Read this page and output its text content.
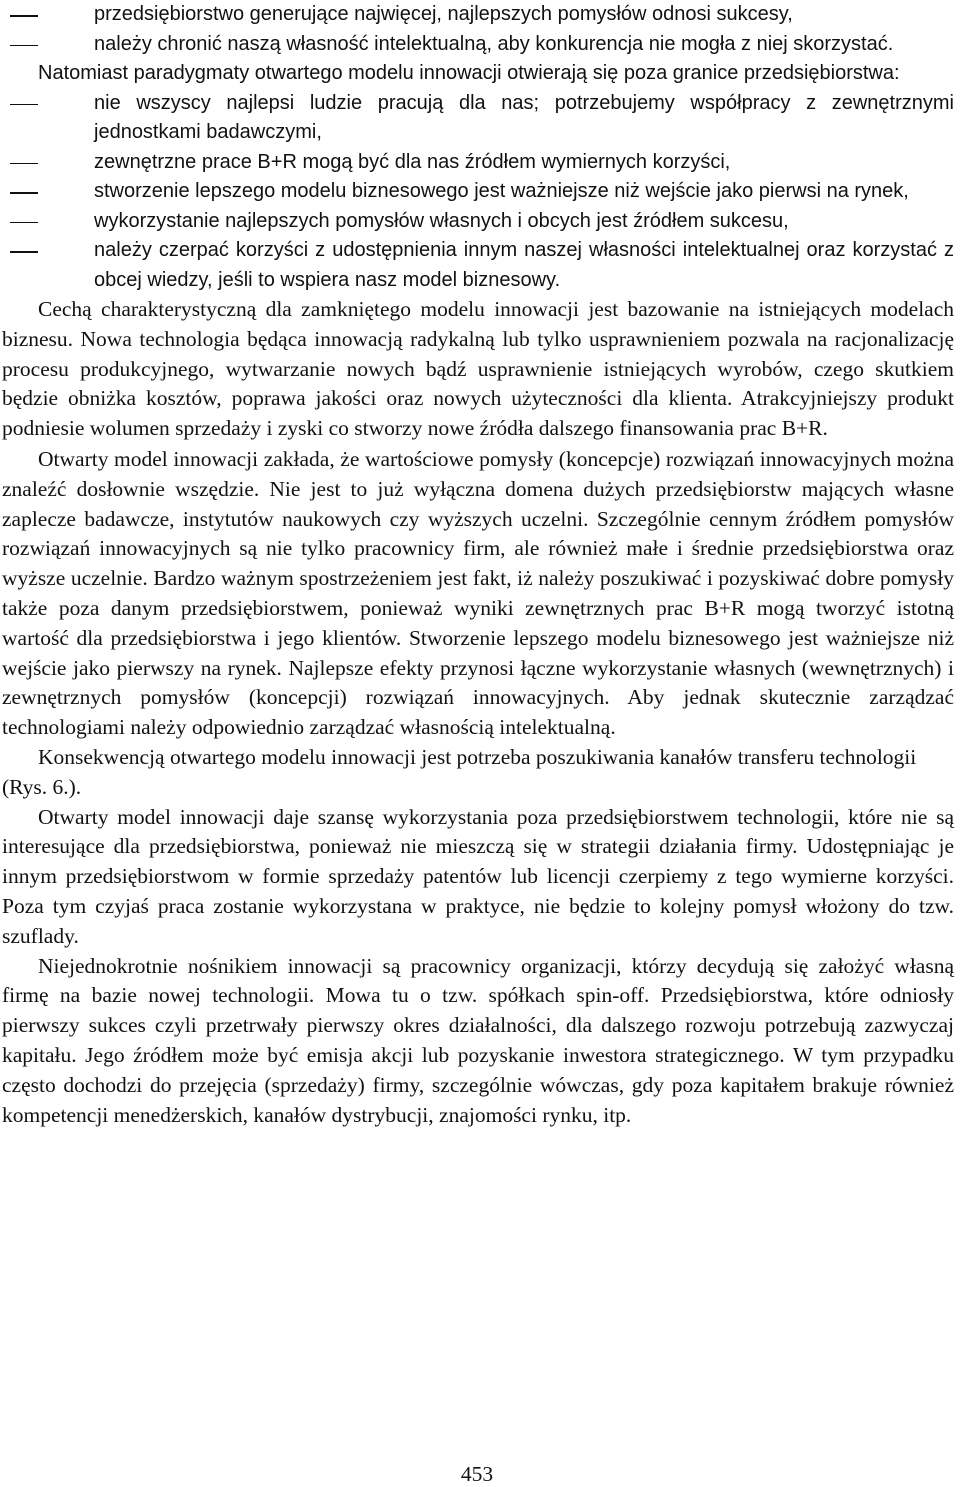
przedsiębiorstwo generujące najwięcej, najlepszych pomysłów odnosi sukcesy,
należy chronić naszą własność intelektualną, aby konkurencja nie mogła z niej skorzystać.

Natomiast paradygmaty otwartego modelu innowacji otwierają się poza granice przedsiębiorstwa:

nie wszyscy najlepsi ludzie pracują dla nas; potrzebujemy współpracy z zewnętrznymi jednostkami badawczymi,
zewnętrzne prace B+R mogą być dla nas źródłem wymiernych korzyści,
stworzenie lepszego modelu biznesowego jest ważniejsze niż wejście jako pierwsi na rynek,
wykorzystanie najlepszych pomysłów własnych i obcych jest źródłem sukcesu,
należy czerpać korzyści z udostępnienia innym naszej własności intelektualnej oraz korzystać z obcej wiedzy, jeśli to wspiera nasz model biznesowy.

Cechą charakterystyczną dla zamkniętego modelu innowacji jest bazowanie na istniejących modelach biznesu. Nowa technologia będąca innowacją radykalną lub tylko usprawnieniem pozwala na racjonalizację procesu produkcyjnego, wytwarzanie nowych bądź usprawnienie istniejących wyrobów, czego skutkiem będzie obniżka kosztów, poprawa jakości oraz nowych użyteczności dla klienta. Atrakcyjniejszy produkt podniesie wolumen sprzedaży i zyski co stworzy nowe źródła dalszego finansowania prac B+R.

Otwarty model innowacji zakłada, że wartościowe pomysły (koncepcje) rozwiązań innowacyjnych można znaleźć dosłownie wszędzie. Nie jest to już wyłączna domena dużych przedsiębiorstw mających własne zaplecze badawcze, instytutów naukowych czy wyższych uczelni. Szczególnie cennym źródłem pomysłów rozwiązań innowacyjnych są nie tylko pracownicy firm, ale również małe i średnie przedsiębiorstwa oraz wyższe uczelnie. Bardzo ważnym spostrzeżeniem jest fakt, iż należy poszukiwać i pozyskiwać dobre pomysły także poza danym przedsiębiorstwem, ponieważ wyniki zewnętrznych prac B+R mogą tworzyć istotną wartość dla przedsiębiorstwa i jego klientów. Stworzenie lepszego modelu biznesowego jest ważniejsze niż wejście jako pierwszy na rynek. Najlepsze efekty przynosi łączne wykorzystanie własnych (wewnętrznych) i zewnętrznych pomysłów (koncepcji) rozwiązań innowacyjnych. Aby jednak skutecznie zarządzać technologiami należy odpowiednio zarządzać własnością intelektualną.

Konsekwencją otwartego modelu innowacji jest potrzeba poszukiwania kanałów transferu technologii (Rys. 6.).

Otwarty model innowacji daje szansę wykorzystania poza przedsiębiorstwem technologii, które nie są interesujące dla przedsiębiorstwa, ponieważ nie mieszczą się w strategii działania firmy. Udostępniając je innym przedsiębiorstwom w formie sprzedaży patentów lub licencji czerpiemy z tego wymierne korzyści. Poza tym czyjaś praca zostanie wykorzystana w praktyce, nie będzie to kolejny pomysł włożony do tzw. szuflady.

Niejednokrotnie nośnikiem innowacji są pracownicy organizacji, którzy decydują się założyć własną firmę na bazie nowej technologii. Mowa tu o tzw. spółkach spin-off. Przedsiębiorstwa, które odniosły pierwszy sukces czyli przetrwały pierwszy okres działalności, dla dalszego rozwoju potrzebują zazwyczaj kapitału. Jego źródłem może być emisja akcji lub pozyskanie inwestora strategicznego. W tym przypadku często dochodzi do przejęcia (sprzedaży) firmy, szczególnie wówczas, gdy poza kapitałem brakuje również kompetencji menedżerskich, kanałów dystrybucji, znajomości rynku, itp.

453
